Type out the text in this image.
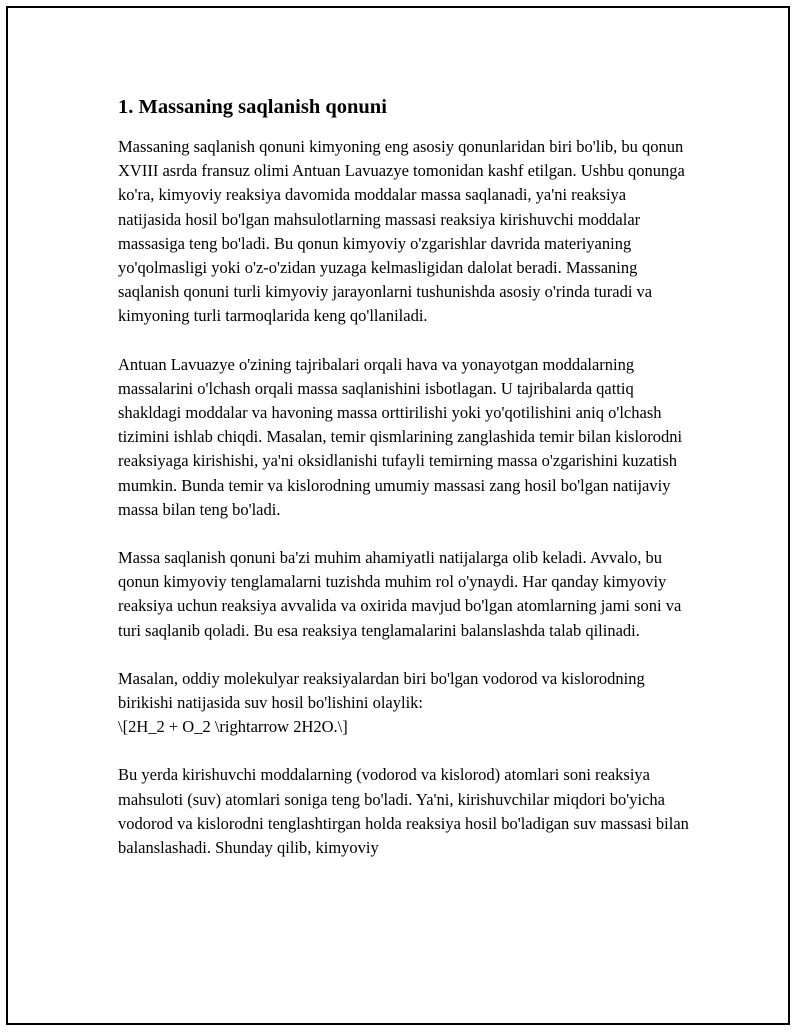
1. Massaning saqlanish qonuni

Massaning saqlanish qonuni kimyoning eng asosiy qonunlaridan biri bo'lib, bu qonun XVIII asrda fransuz olimi Antuan Lavuazye tomonidan kashf etilgan. Ushbu qonunga ko'ra, kimyoviy reaksiya davomida moddalar massa saqlanadi, ya'ni reaksiya natijasida hosil bo'lgan mahsulotlarning massasi reaksiya kirishuvchi moddalar massasiga teng bo'ladi. Bu qonun kimyoviy o'zgarishlar davrida materiyaning yo'qolmasligi yoki o'z-o'zidan yuzaga kelmasligidan dalolat beradi. Massaning saqlanish qonuni turli kimyoviy jarayonlarni tushunishda asosiy o'rinda turadi va kimyoning turli tarmoqlarida keng qo'llaniladi.

Antuan Lavuazye o'zining tajribalari orqali hava va yonayotgan moddalarning massalarini o'lchash orqali massa saqlanishini isbotlagan. U tajribalarda qattiq shakldagi moddalar va havoning massa orttirilishi yoki yo'qotilishini aniq o'lchash tizimini ishlab chiqdi. Masalan, temir qismlarining zanglashida temir bilan kislorodni reaksiyaga kirishishi, ya'ni oksidlanishi tufayli temirning massa o'zgarishini kuzatish mumkin. Bunda temir va kislorodning umumiy massasi zang hosil bo'lgan natijaviy massa bilan teng bo'ladi.

Massa saqlanish qonuni ba'zi muhim ahamiyatli natijalarga olib keladi. Avvalo, bu qonun kimyoviy tenglamalarni tuzishda muhim rol o'ynaydi. Har qanday kimyoviy reaksiya uchun reaksiya avvalida va oxirida mavjud bo'lgan atomlarning jami soni va turi saqlanib qoladi. Bu esa reaksiya tenglamalarini balanslashda talab qilinadi.

Masalan, oddiy molekulyar reaksiyalardan biri bo'lgan vodorod va kislorodning birikishi natijasida suv hosil bo'lishini olaylik:

\[2H_2 + O_2 \rightarrow 2H2O.\]

Bu yerda kirishuvchi moddalarning (vodorod va kislorod) atomlari soni reaksiya mahsuloti (suv) atomlari soniga teng bo'ladi. Ya'ni, kirishuvchilar miqdori bo'yicha vodorod va kislorodni tenglashtirgan holda reaksiya hosil bo'ladigan suv massasi bilan balanslashadi. Shunday qilib, kimyoviy
